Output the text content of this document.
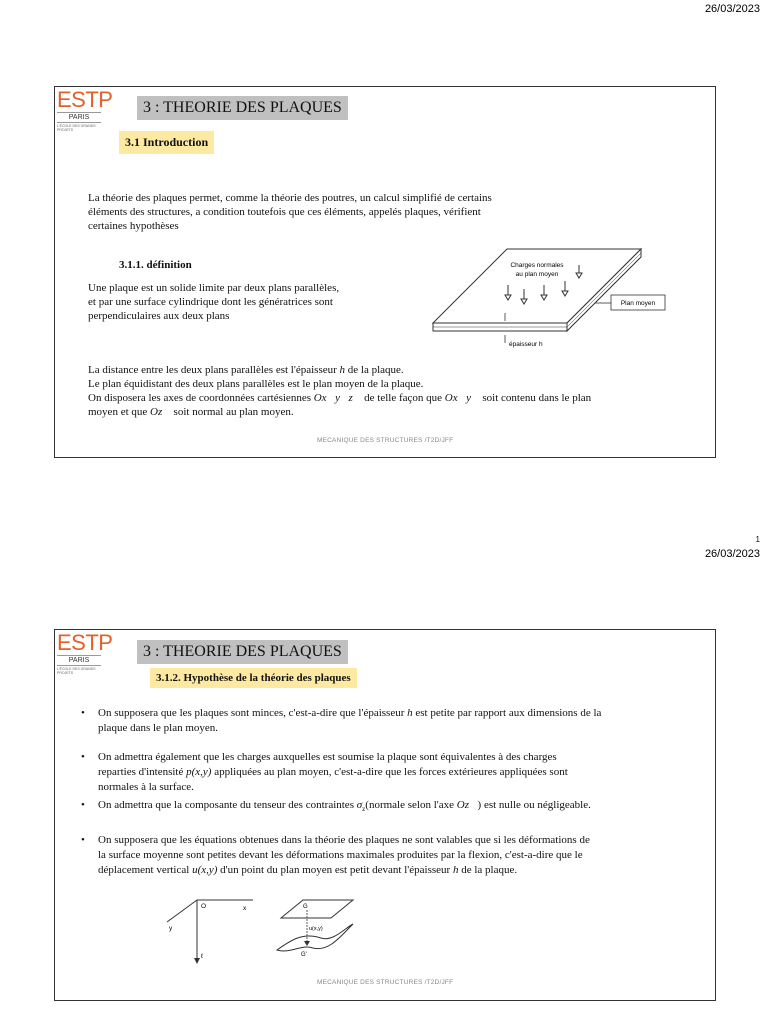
26/03/2023
ESTP
PARIS
L'ÉCOLE DES GRANDS PROJETS
3 : THEORIE DES PLAQUES
3.1 Introduction
La théorie des plaques permet, comme la théorie des poutres, un calcul simplifié de certains
éléments des structures, a condition toutefois que ces éléments, appelés plaques, vérifient
certaines hypothèses
3.1.1. définition
Une plaque est un solide limite par deux plans parallèles,
et par une surface cylindrique dont les génératrices sont
perpendiculaires aux deux plans
Charges normales
au plan moyen
Plan moyen
épaisseur h
La distance entre les deux plans parallèles est l'épaisseur h de la plaque.
Le plan équidistant des deux plans parallèles est le plan moyen de la plaque.
On disposera les axes de coordonnées cartésiennes Ox⃗y⃗z⃗ de telle façon que Ox⃗y⃗ soit contenu dans le plan
moyen et que Oz⃗ soit normal au plan moyen.
MECANIQUE DES STRUCTURES /T2D/JFF
1
26/03/2023
ESTP
PARIS
L'ÉCOLE DES GRANDS PROJETS
3 : THEORIE DES PLAQUES
3.1.2. Hypothèse de la théorie des plaques
• On supposera que les plaques sont minces, c'est-a-dire que l'épaisseur h est petite par rapport aux dimensions de la
plaque dans le plan moyen.
• On admettra également que les charges auxquelles est soumise la plaque sont équivalentes à des charges
reparties d'intensité p(x,y) appliquées au plan moyen, c'est-a-dire que les forces extérieures appliquées sont
normales à la surface.
• On admettra que la composante du tenseur des contraintes $\sigma_z(normale$ selon l'axe Oz⃗) est nulle ou négligeable.
• On supposera que les équations obtenues dans la théorie des plaques ne sont valables que si les déformations de
la surface moyenne sont petites devant les déformations maximales produites par la flexion, c'est-a-dire que le
déplacement vertical u(x,y) d'un point du plan moyen est petit devant l'épaisseur h de la plaque.
O	x
y
ℓ
G
u(x,y)
G'
MECANIQUE DES STRUCTURES /T2D/JFF
